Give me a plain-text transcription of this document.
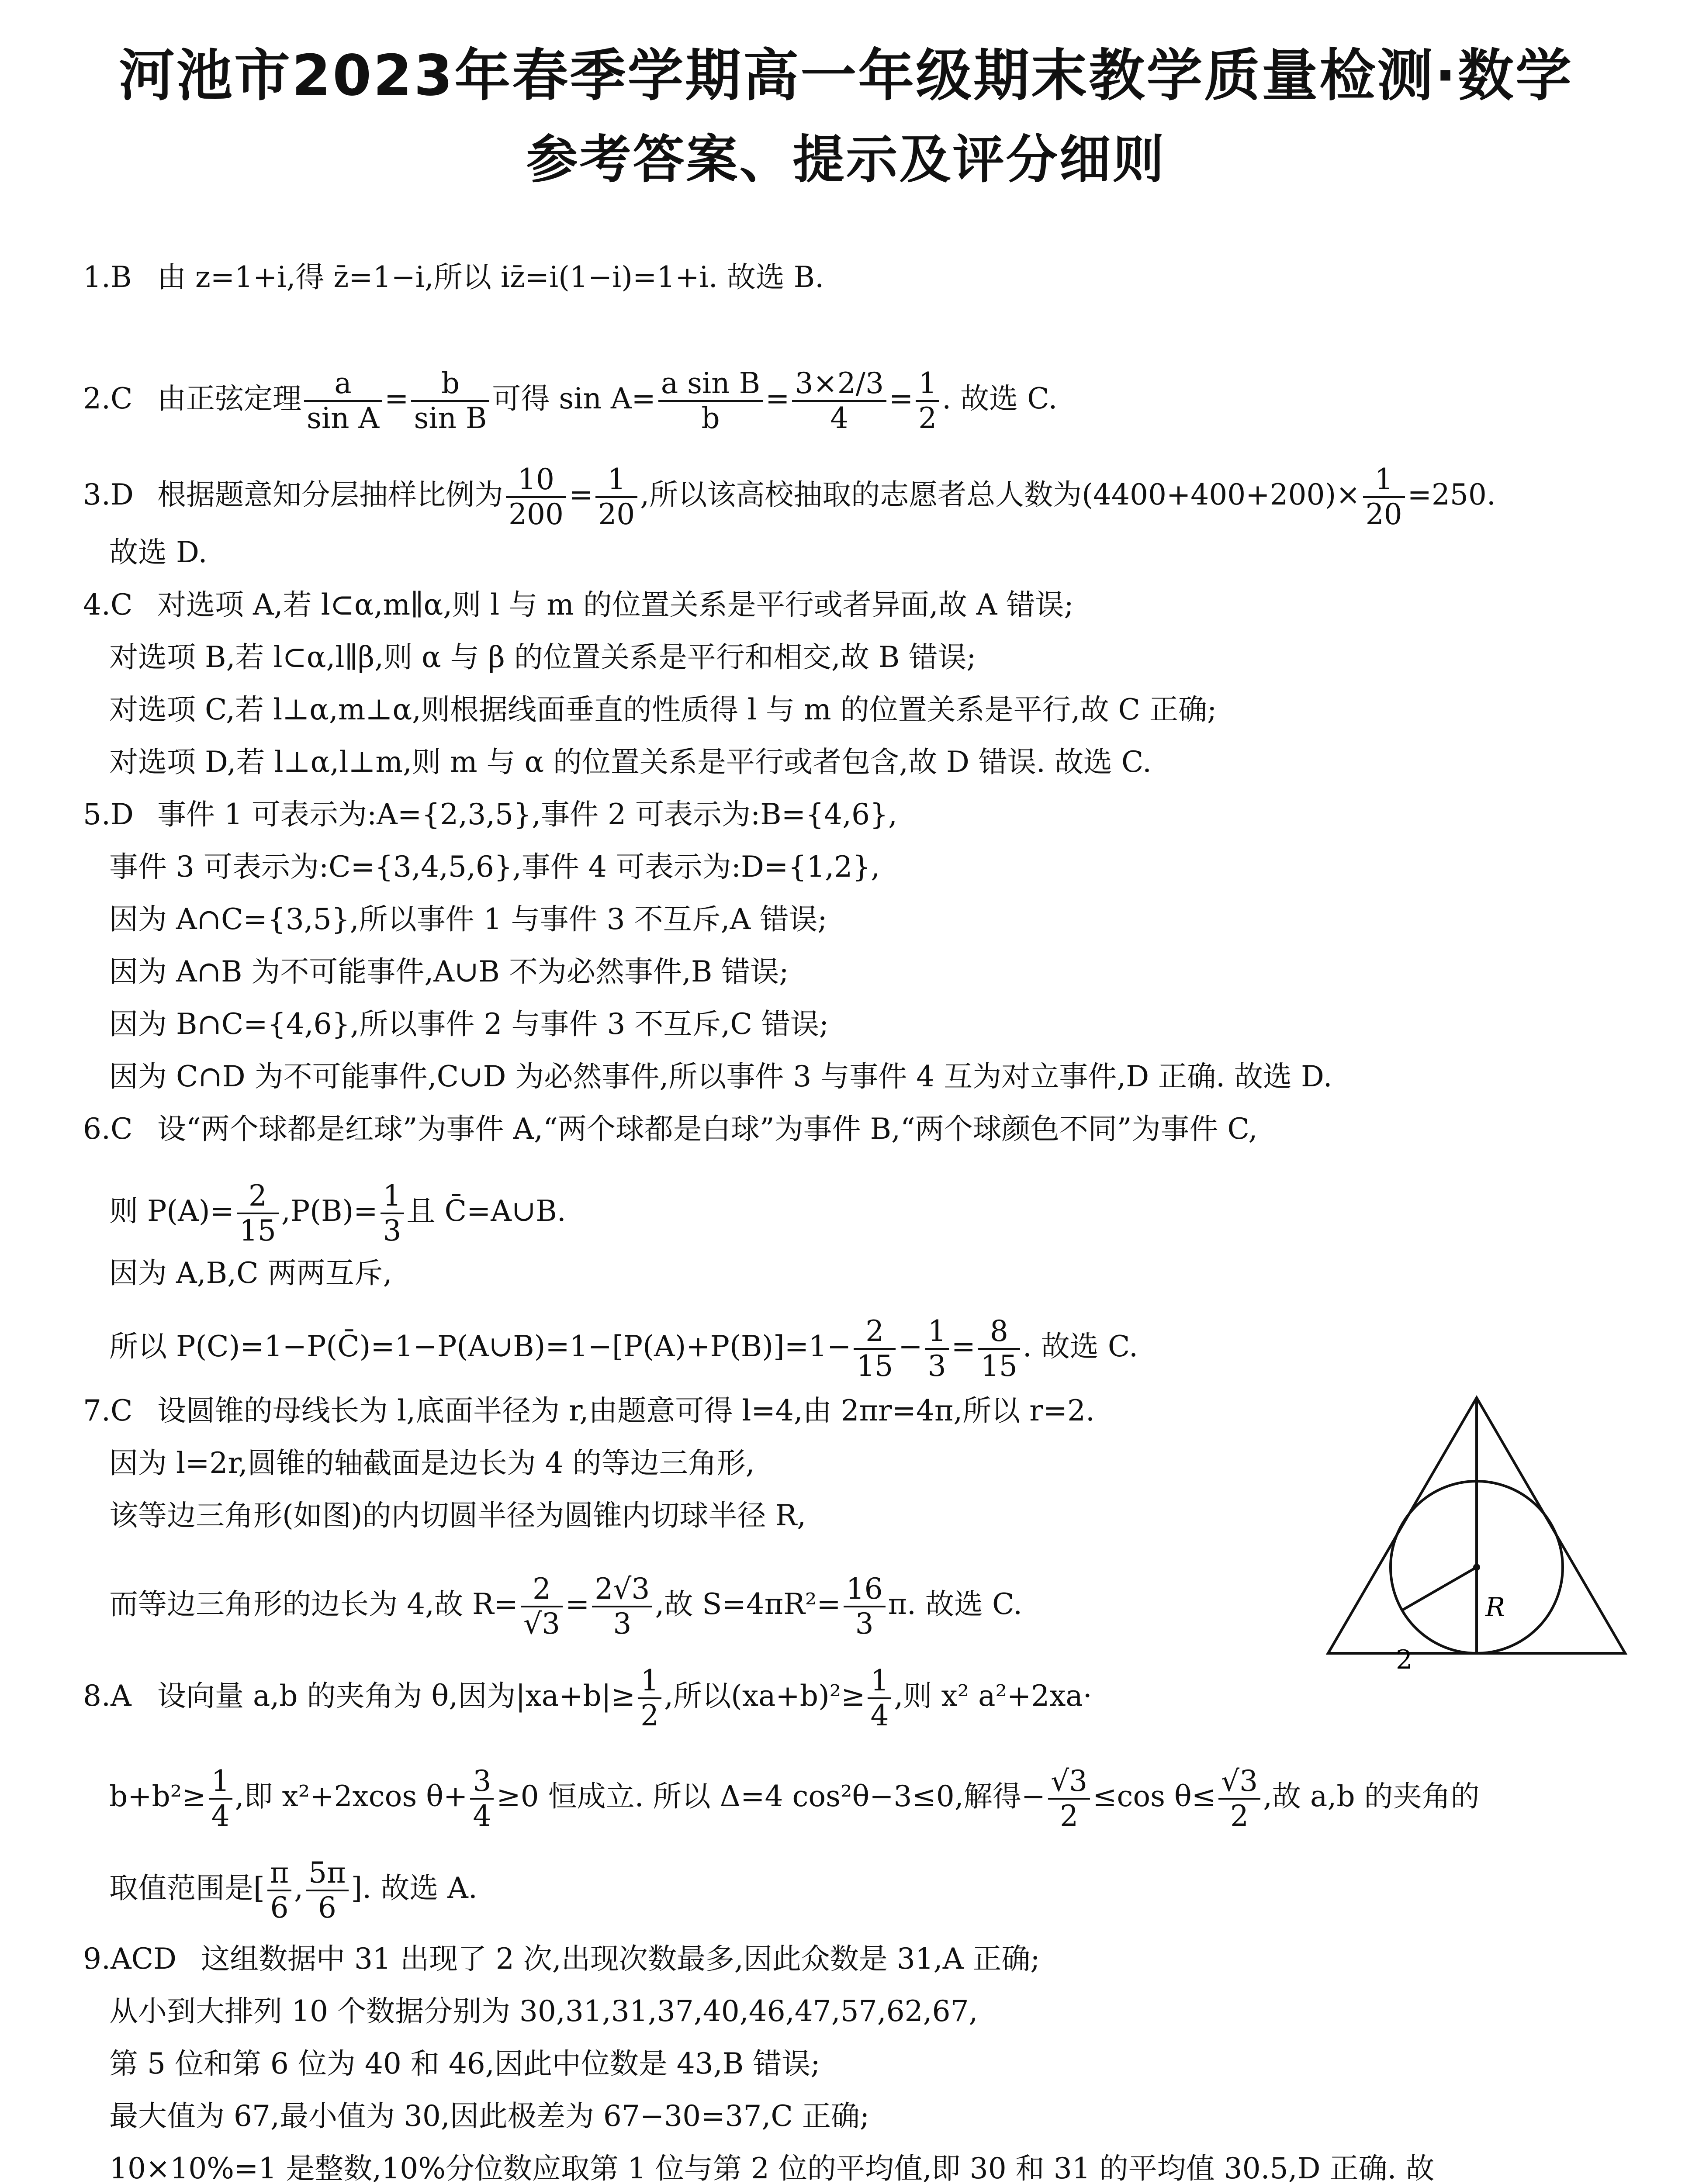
河池市2023年春季学期高一年级期末教学质量检测·数学
参考答案、提示及评分细则
1.B 由 z=1+i,得 z̄=1−i,所以 iz̄=i(1−i)=1+i. 故选 B.
2.C 由正弦定理 $\frac{a}{\text{sin A}} = \frac{b}{\text{sin B}}$ 可得 $\sin A= \frac{\text{a sin B}}{b} = \frac{3\times 2/3}{4} = \frac{1}{2}$ . 故选 C.
3.D 根据题意知分层抽样比例为 $\frac{10}{200} = \frac{1}{20}$ ,所以该高校抽取的志愿者总人数为$(4400+400+200)\times \frac{1}{20} =250$.
故选 D.
4.C 对选项 A,若 l⊂α,m∥α,则 l 与 m 的位置关系是平行或者异面,故 A 错误;
对选项 B,若 l⊂α,l∥β,则 α 与 β 的位置关系是平行和相交,故 B 错误;
对选项 C,若 l⊥α,m⊥α,则根据线面垂直的性质得 l 与 m 的位置关系是平行,故 C 正确;
对选项 D,若 l⊥α,l⊥m,则 m 与 α 的位置关系是平行或者包含,故 D 错误. 故选 C.
5.D 事件 1 可表示为:A={2,3,5},事件 2 可表示为:B={4,6},
事件 3 可表示为:C={3,4,5,6},事件 4 可表示为:D={1,2},
因为 A∩C={3,5},所以事件 1 与事件 3 不互斥,A 错误;
因为 A∩B 为不可能事件,A∪B 不为必然事件,B 错误;
因为 B∩C={4,6},所以事件 2 与事件 3 不互斥,C 错误;
因为 C∩D 为不可能事件,C∪D 为必然事件,所以事件 3 与事件 4 互为对立事件,D 正确. 故选 D.
6.C 设“两个球都是红球”为事件 A,“两个球都是白球”为事件 B,“两个球颜色不同”为事件 C,
则 $P(A)= \frac{2}{15} ,P(B)= \frac{1}{3}$ 且 C̄=A∪B.
因为 A,B,C 两两互斥,
所以 P(C)=1−P(C̄)=1−P(A∪B)=1−[P(A)+P(B)]=1− $\frac{2}{15} - \frac{1}{3} = \frac{8}{15}$ . 故选 C.
7.C 设圆锥的母线长为 l,底面半径为 r,由题意可得 l=4,由 2πr=4π,所以 r=2.
因为 l=2r,圆锥的轴截面是边长为 4 的等边三角形,
该等边三角形(如图)的内切圆半径为圆锥内切球半径 R,
而等边三角形的边长为 4,故 $R= \frac{2}{√3} = \frac{2√3}{3}$ ,故 $S=4\pi R^2= \frac{16}{3} \pi$. 故选 C.	R
2
8.A 设向量 a,b 的夹角为 θ,因为$|xa+b|\ge \frac{1}{2}$ ,所以$(xa+b)^2\ge \frac{1}{4}$ ,则 x² a²+2xa·
$b+b^2\ge \frac{1}{4}$ ,即 x²+2xcos $\theta+ \frac{3}{4} \ge 0$ 恒成立. 所以 Δ=4 cos²θ−3≤0,解得− $\frac{√3}{2} \le\cos$ $\theta\le \frac{√3}{2}$ ,故 a,b 的夹角的
取值范围是[ $\frac{\pi}{6}$ , $\frac{5\pi}{6}$ ]. 故选 A.
9.ACD 这组数据中 31 出现了 2 次,出现次数最多,因此众数是 31,A 正确;
从小到大排列 10 个数据分别为 30,31,31,37,40,46,47,57,62,67,
第 5 位和第 6 位为 40 和 46,因此中位数是 43,B 错误;
最大值为 67,最小值为 30,因此极差为 67−30=37,C 正确;
10×10%=1 是整数,10%分位数应取第 1 位与第 2 位的平均值,即 30 和 31 的平均值 30.5,D 正确. 故
